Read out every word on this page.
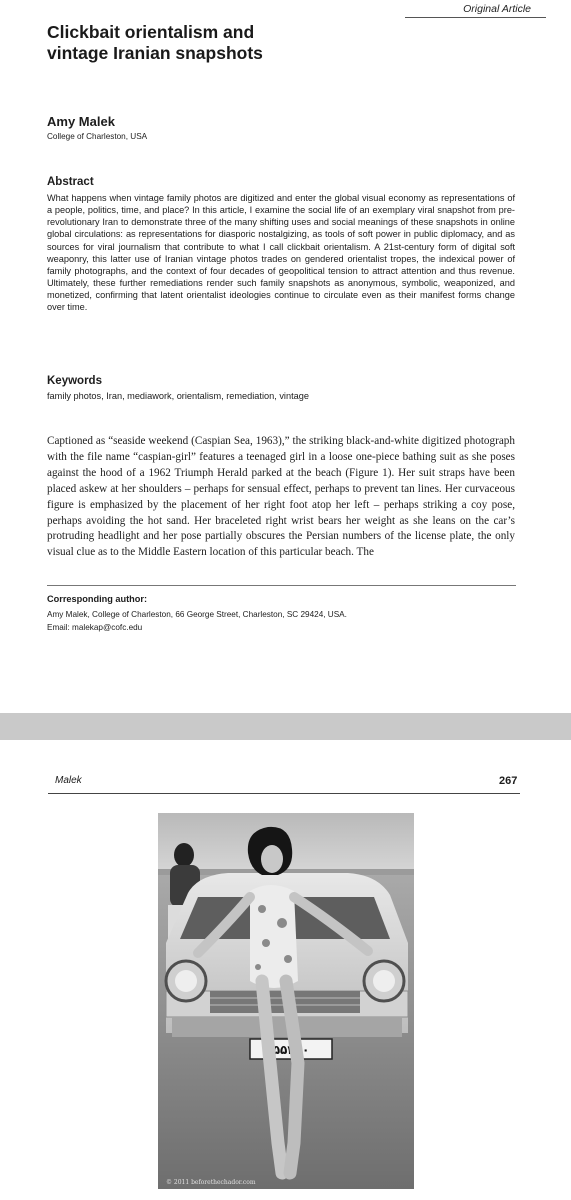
Original Article
Clickbait orientalism and
vintage Iranian snapshots
Amy Malek
College of Charleston, USA
Abstract

What happens when vintage family photos are digitized and enter the global visual economy as representations of a people, politics, time, and place? In this article, I examine the social life of an exemplary viral snapshot from pre-revolutionary Iran to demonstrate three of the many shifting uses and social meanings of these snapshots in online global circulations: as representations for diasporic nostalgizing, as tools of soft power in public diplomacy, and as sources for viral journalism that contribute to what I call clickbait orientalism. A 21st-century form of digital soft weaponry, this latter use of Iranian vintage photos trades on gendered orientalist tropes, the indexical power of family photographs, and the context of four decades of geopolitical tension to attract attention and thus revenue. Ultimately, these further remediations render such family snapshots as anonymous, symbolic, weaponized, and monetized, confirming that latent orientalist ideologies continue to circulate even as their manifest forms change over time.

Keywords
family photos, Iran, mediawork, orientalism, remediation, vintage

Captioned as “seaside weekend (Caspian Sea, 1963),” the striking black-and-white digitized photograph with the file name “caspian-girl” features a teenaged girl in a loose one-piece bathing suit as she poses against the hood of a 1962 Triumph Herald parked at the beach (Figure 1). Her suit straps have been placed askew at her shoulders – perhaps for sensual effect, perhaps to prevent tan lines. Her curvaceous figure is emphasized by the placement of her right foot atop her left – perhaps striking a coy pose, perhaps avoiding the hot sand. Her braceleted right wrist bears her weight as she leans on the car’s protruding headlight and her pose partially obscures the Persian numbers of the license plate, the only visual clue as to the Middle Eastern location of this particular beach. The

Corresponding author:
Amy Malek, College of Charleston, 66 George Street, Charleston, SC 29424, USA.
Email: malekap@cofc.edu
Malek	267
۵۵۴۰۰
© 2011 beforethechador.com
